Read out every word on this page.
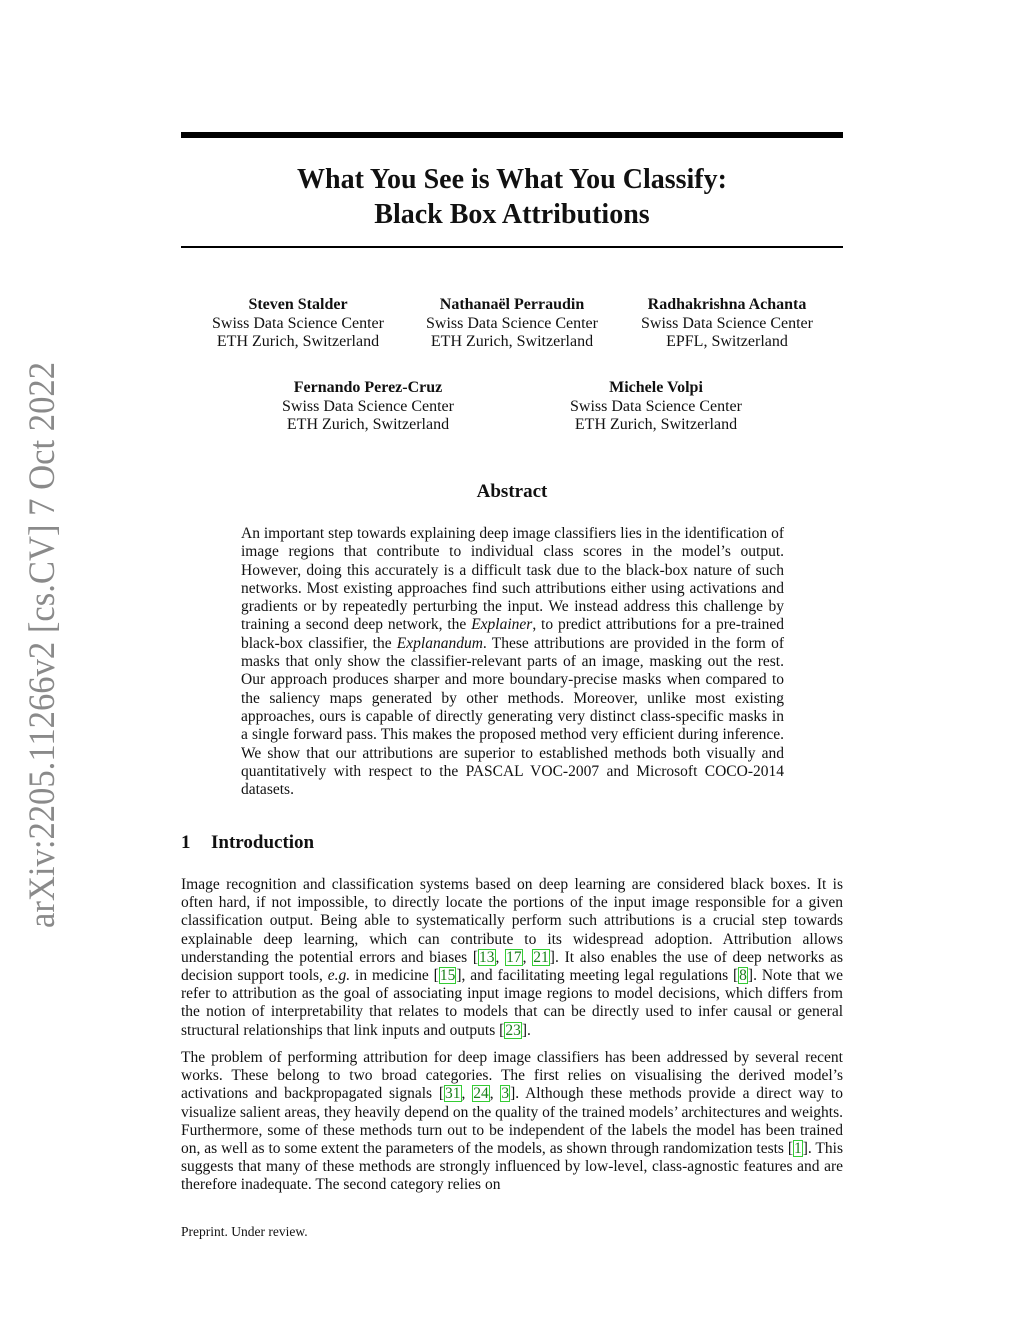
arXiv:2205.11266v2 [cs.CV] 7 Oct 2022
What You See is What You Classify:
Black Box Attributions
Steven Stalder
Swiss Data Science Center
ETH Zurich, Switzerland
Nathanaël Perraudin
Swiss Data Science Center
ETH Zurich, Switzerland
Radhakrishna Achanta
Swiss Data Science Center
EPFL, Switzerland
Fernando Perez-Cruz
Swiss Data Science Center
ETH Zurich, Switzerland
Michele Volpi
Swiss Data Science Center
ETH Zurich, Switzerland
Abstract
An important step towards explaining deep image classifiers lies in the identification of image regions that contribute to individual class scores in the model’s output. However, doing this accurately is a difficult task due to the black-box nature of such networks. Most existing approaches find such attributions either using activations and gradients or by repeatedly perturbing the input. We instead address this challenge by training a second deep network, the Explainer, to predict attributions for a pre-trained black-box classifier, the Explanandum. These attributions are provided in the form of masks that only show the classifier-relevant parts of an image, masking out the rest. Our approach produces sharper and more boundary-precise masks when compared to the saliency maps generated by other methods. Moreover, unlike most existing approaches, ours is capable of directly generating very distinct class-specific masks in a single forward pass. This makes the proposed method very efficient during inference. We show that our attributions are superior to established methods both visually and quantitatively with respect to the PASCAL VOC-2007 and Microsoft COCO-2014 datasets.
1 Introduction

Image recognition and classification systems based on deep learning are considered black boxes. It is often hard, if not impossible, to directly locate the portions of the input image responsible for a given classification output. Being able to systematically perform such attributions is a crucial step towards explainable deep learning, which can contribute to its widespread adoption. Attribution allows understanding the potential errors and biases [13, 17, 21]. It also enables the use of deep networks as decision support tools, e.g. in medicine [15], and facilitating meeting legal regulations [8]. Note that we refer to attribution as the goal of associating input image regions to model decisions, which differs from the notion of interpretability that relates to models that can be directly used to infer causal or general structural relationships that link inputs and outputs [23].

The problem of performing attribution for deep image classifiers has been addressed by several recent works. These belong to two broad categories. The first relies on visualising the derived model’s activations and backpropagated signals [31, 24, 3]. Although these methods provide a direct way to visualize salient areas, they heavily depend on the quality of the trained models’ architectures and weights. Furthermore, some of these methods turn out to be independent of the labels the model has been trained on, as well as to some extent the parameters of the models, as shown through randomization tests [1]. This suggests that many of these methods are strongly influenced by low-level, class-agnostic features and are therefore inadequate. The second category relies on

Preprint. Under review.
